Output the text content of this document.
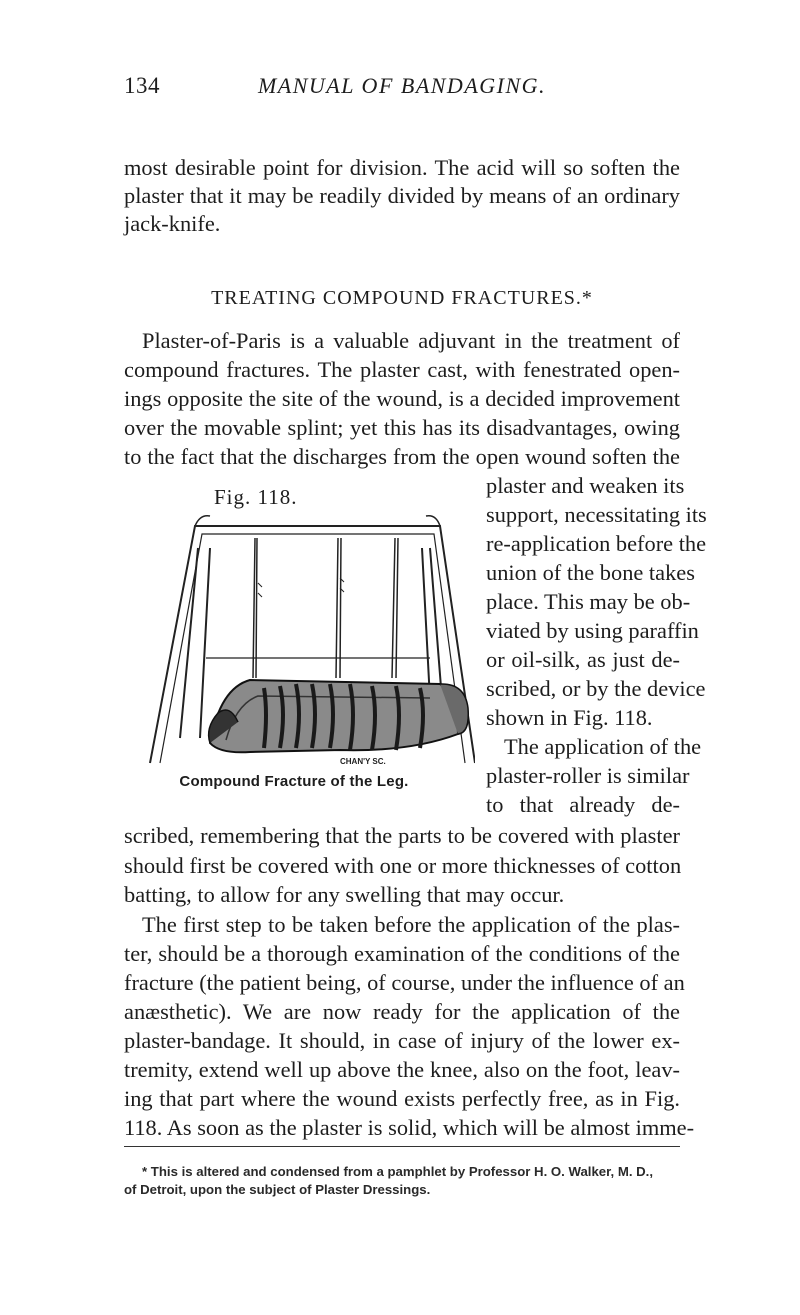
134	MANUAL OF BANDAGING.
most desirable point for division. The acid will so soften the
plaster that it may be readily divided by means of an ordinary
jack-knife.
TREATING COMPOUND FRACTURES.*
Plaster-of-Paris is a valuable adjuvant in the treatment of
compound fractures. The plaster cast, with fenestrated open-
ings opposite the site of the wound, is a decided improvement
over the movable splint; yet this has its disadvantages, owing
to the fact that the discharges from the open wound soften the
Fig. 118.	plaster and weaken its
support, necessitating its
re-application before the
union of the bone takes
place. This may be ob-
viated by using paraffin
or oil-silk, as just de-
scribed, or by the device
shown in Fig. 118.
The application of the
plaster-roller is similar
to that already de-
CHAN'Y SC.
Compound Fracture of the Leg.
scribed, remembering that the parts to be covered with plaster
should first be covered with one or more thicknesses of cotton
batting, to allow for any swelling that may occur.
The first step to be taken before the application of the plas-
ter, should be a thorough examination of the conditions of the
fracture (the patient being, of course, under the influence of an
anæsthetic). We are now ready for the application of the
plaster-bandage. It should, in case of injury of the lower ex-
tremity, extend well up above the knee, also on the foot, leav-
ing that part where the wound exists perfectly free, as in Fig.
118. As soon as the plaster is solid, which will be almost imme-
* This is altered and condensed from a pamphlet by Professor H. O. Walker, M. D.,
of Detroit, upon the subject of Plaster Dressings.
